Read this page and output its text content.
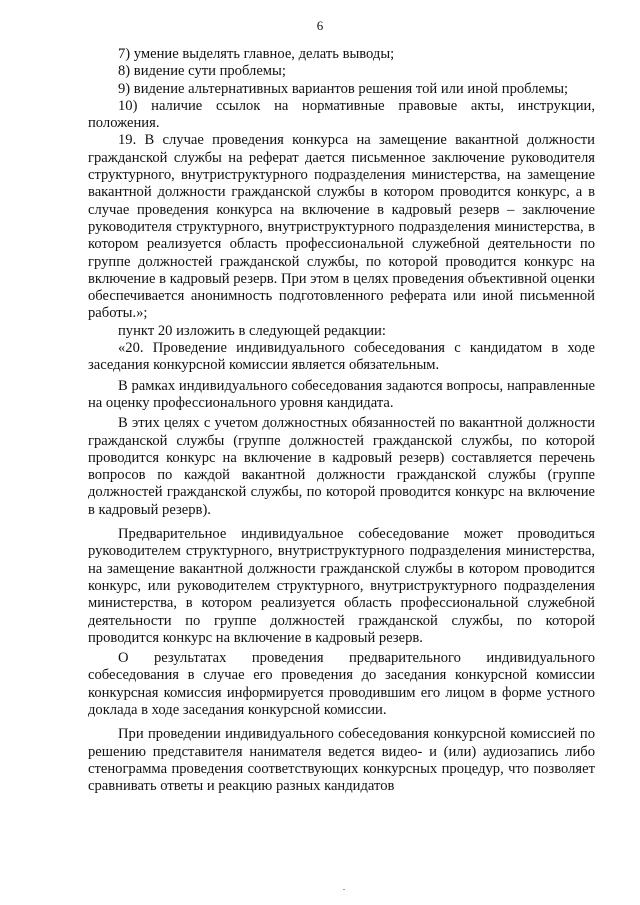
6

7) умение выделять главное, делать выводы;

8) видение сути проблемы;

9) видение альтернативных вариантов решения той или иной проблемы;

10) наличие ссылок на нормативные правовые акты, инструкции, положения.

19. В случае проведения конкурса на замещение вакантной должности гражданской службы на реферат дается письменное заключение руководителя структурного, внутриструктурного подразделения министерства, на замещение вакантной должности гражданской службы в котором проводится конкурс, а в случае проведения конкурса на включение в кадровый резерв – заключение руководителя структурного, внутриструктурного подразделения министерства, в котором реализуется область профессиональной служебной деятельности по группе должностей гражданской службы, по которой проводится конкурс на включение в кадровый резерв. При этом в целях проведения объективной оценки обеспечивается анонимность подготовленного реферата или иной письменной работы.»;

пункт 20 изложить в следующей редакции:

«20. Проведение индивидуального собеседования с кандидатом в ходе заседания конкурсной комиссии является обязательным.

В рамках индивидуального собеседования задаются вопросы, направленные на оценку профессионального уровня кандидата.

В этих целях с учетом должностных обязанностей по вакантной должности гражданской службы (группе должностей гражданской службы, по которой проводится конкурс на включение в кадровый резерв) составляется перечень вопросов по каждой вакантной должности гражданской службы (группе должностей гражданской службы, по которой проводится конкурс на включение в кадровый резерв).

Предварительное индивидуальное собеседование может проводиться руководителем структурного, внутриструктурного подразделения министерства, на замещение вакантной должности гражданской службы в котором проводится конкурс, или руководителем структурного, внутриструктурного подразделения министерства, в котором реализуется область профессиональной служебной деятельности по группе должностей гражданской службы, по которой проводится конкурс на включение в кадровый резерв.

О результатах проведения предварительного индивидуального собеседования в случае его проведения до заседания конкурсной комиссии конкурсная комиссия информируется проводившим его лицом в форме устного доклада в ходе заседания конкурсной комиссии.

При проведении индивидуального собеседования конкурсной комиссией по решению представителя нанимателя ведется видео- и (или) аудиозапись либо стенограмма проведения соответствующих конкурсных процедур, что позволяет сравнивать ответы и реакцию разных кандидатов
